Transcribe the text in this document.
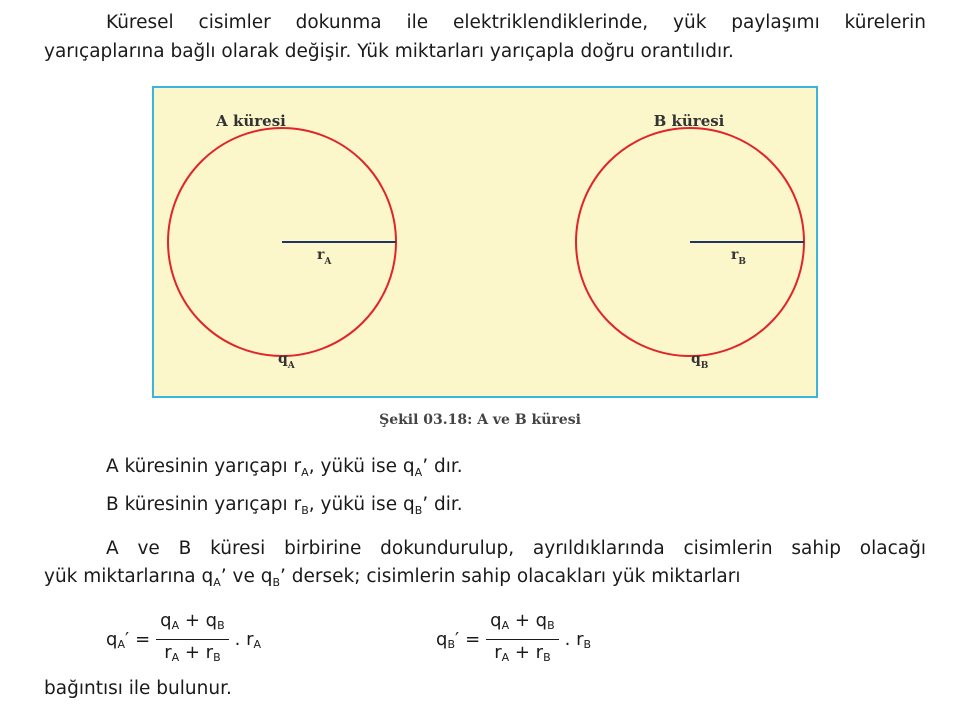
Küresel cisimler dokunma ile elektriklendiklerinde, yük paylaşımı kürelerin

yarıçaplarına bağlı olarak değişir. Yük miktarları yarıçapla doğru orantılıdır.

A küresi
$r_A$
$q_A$
B küresi
$r_B$
$q_B$
Şekil 03.18: A ve B küresi
A küresinin yarıçapı $r_A$, yükü ise $q_A$’ dır.
B küresinin yarıçapı $r_B$, yükü ise $q_B$’ dir.

A ve B küresi birbirine dokundurulup, ayrıldıklarında cisimlerin sahip olacağı

yük miktarlarına $q_A$’ ve $q_B$’ dersek; cisimlerin sahip olacakları yük miktarları
$qA' = \frac{qA + qB}{rA + rB}$ . rA	$qB' = \frac{qA + qB}{rA + rB}$ . rB
bağıntısı ile bulunur.
